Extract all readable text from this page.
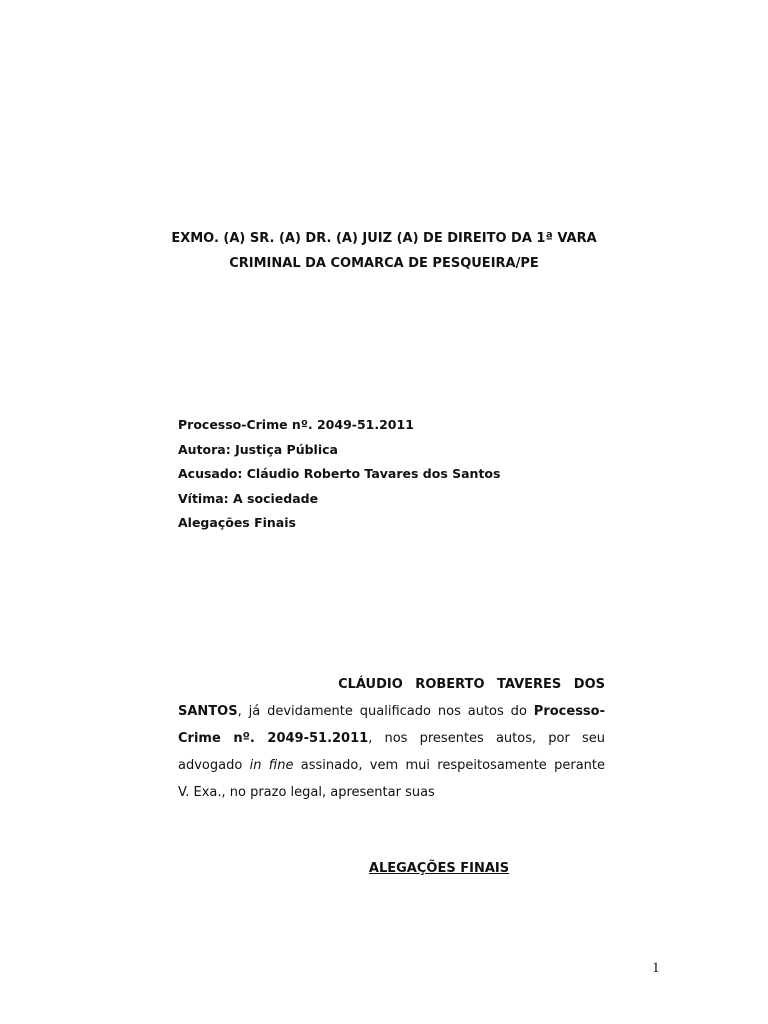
EXMO. (A) SR. (A) DR. (A) JUIZ (A) DE DIREITO DA 1ª VARA
CRIMINAL DA COMARCA DE PESQUEIRA/PE
Processo-Crime nº. 2049-51.2011
Autora: Justiça Pública
Acusado: Cláudio Roberto Tavares dos Santos
Vítima: A sociedade
Alegações Finais
CLÁUDIO ROBERTO TAVERES DOS
SANTOS, já devidamente qualificado nos autos do Processo-
Crime nº. 2049-51.2011, nos presentes autos, por seu
advogado in fine assinado, vem mui respeitosamente perante
V. Exa., no prazo legal, apresentar suas
ALEGAÇÕES FINAIS
1
